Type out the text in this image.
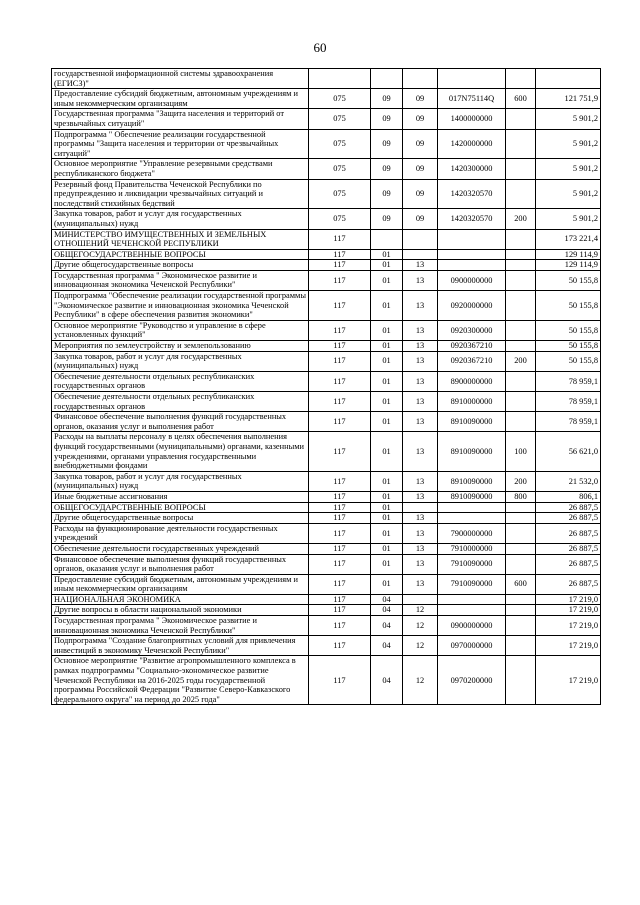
60
государственной информационной системы здравоохранения (ЕГИСЗ)"						
Предоставление субсидий бюджетным, автономным учреждениям и иным некоммерческим организациям	075	09	09	017N75114Q	600	121 751,9
Государственная программа "Защита населения и территорий от чрезвычайных ситуаций"	075	09	09	1400000000		5 901,2
Подпрограмма " Обеспечение реализации государственной программы "Защита населения и территории от чрезвычайных ситуаций"	075	09	09	1420000000		5 901,2
Основное мероприятие "Управление резервными средствами республиканского бюджета"	075	09	09	1420300000		5 901,2
Резервный фонд Правительства Чеченской Республики по предупреждению и ликвидации чрезвычайных ситуаций и последствий стихийных бедствий	075	09	09	1420320570		5 901,2
Закупка товаров, работ и услуг для государственных (муниципальных) нужд	075	09	09	1420320570	200	5 901,2
МИНИСТЕРСТВО ИМУЩЕСТВЕННЫХ И ЗЕМЕЛЬНЫХ ОТНОШЕНИЙ ЧЕЧЕНСКОЙ РЕСПУБЛИКИ	117					173 221,4
ОБЩЕГОСУДАРСТВЕННЫЕ ВОПРОСЫ	117	01				129 114,9
Другие общегосударственные вопросы	117	01	13			129 114,9
Государственная программа " Экономическое развитие и инновационная экономика Чеченской Республики"	117	01	13	0900000000		50 155,8
Подпрограмма "Обеспечение реализации государственной программы "Экономическое развитие и инновационная экономика Чеченской Республики" в сфере обеспечения развития экономики"	117	01	13	0920000000		50 155,8
Основное мероприятие "Руководство и управление в сфере установленных функций"	117	01	13	0920300000		50 155,8
Мероприятия по землеустройству и землепользованию	117	01	13	0920367210		50 155,8
Закупка товаров, работ и услуг для государственных (муниципальных) нужд	117	01	13	0920367210	200	50 155,8
Обеспечение деятельности отдельных республиканских государственных органов	117	01	13	8900000000		78 959,1
Обеспечение деятельности отдельных республиканских государственных органов	117	01	13	8910000000		78 959,1
Финансовое обеспечение выполнения функций государственных органов, оказания услуг и выполнения работ	117	01	13	8910090000		78 959,1
Расходы на выплаты персоналу в целях обеспечения выполнения функций государственными (муниципальными) органами, казенными учреждениями, органами управления государственными внебюджетными фондами	117	01	13	8910090000	100	56 621,0
Закупка товаров, работ и услуг для государственных (муниципальных) нужд	117	01	13	8910090000	200	21 532,0
Иные бюджетные ассигнования	117	01	13	8910090000	800	806,1
ОБЩЕГОСУДАРСТВЕННЫЕ ВОПРОСЫ	117	01				26 887,5
Другие общегосударственные вопросы	117	01	13			26 887,5
Расходы на функционирование деятельности государственных учреждений	117	01	13	7900000000		26 887,5
Обеспечение деятельности государственных учреждений	117	01	13	7910000000		26 887,5
Финансовое обеспечение выполнения функций государственных органов, оказания услуг и выполнения работ	117	01	13	7910090000		26 887,5
Предоставление субсидий бюджетным, автономным учреждениям и иным некоммерческим организациям	117	01	13	7910090000	600	26 887,5
НАЦИОНАЛЬНАЯ ЭКОНОМИКА	117	04				17 219,0
Другие вопросы в области национальной экономики	117	04	12			17 219,0
Государственная программа " Экономическое развитие и инновационная экономика Чеченской Республики"	117	04	12	0900000000		17 219,0
Подпрограмма "Создание благоприятных условий для привлечения инвестиций в экономику Чеченской Республики"	117	04	12	0970000000		17 219,0
Основное мероприятие "Развитие агропромышленного комплекса в рамках подпрограммы "Социально-экономическое развитие Чеченской Республики на 2016-2025 годы государственной программы Российской Федерации "Развитие Северо-Кавказского федерального округа" на период до 2025 года"	117	04	12	0970200000		17 219,0
